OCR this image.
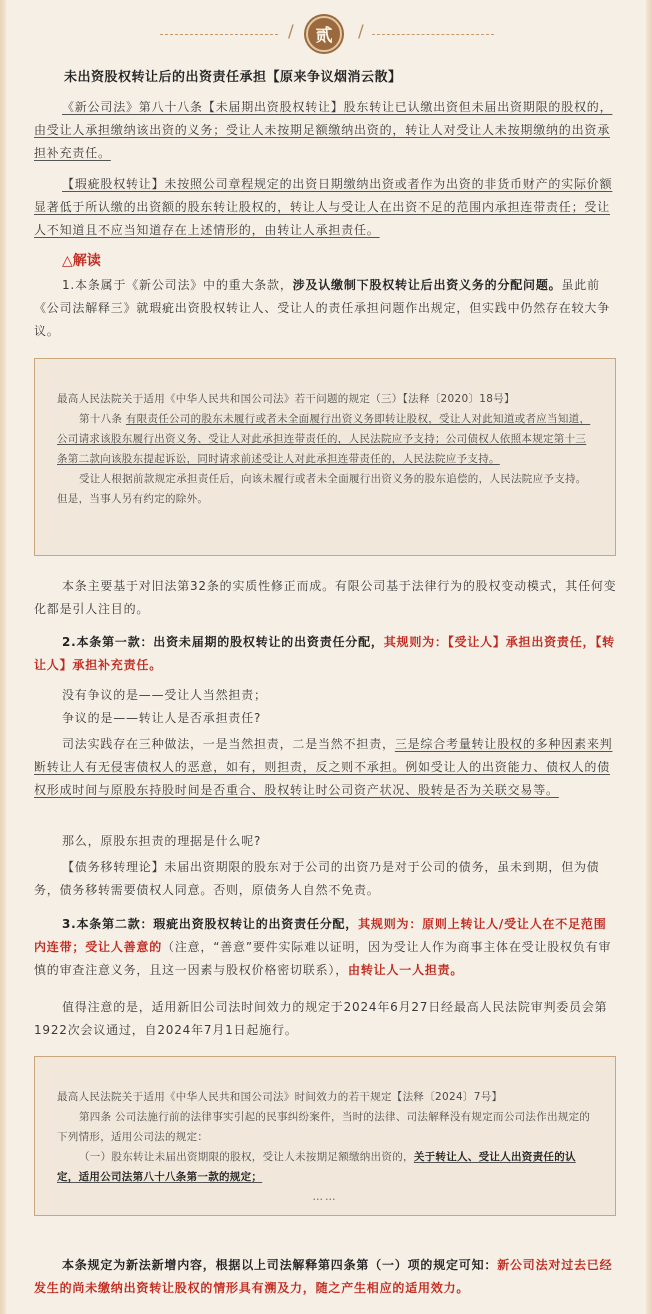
/	贰	/
未出资股权转让后的出资责任承担【原来争议烟消云散】

《新公司法》第八十八条【未届期出资股权转让】股东转让已认缴出资但未届出资期限的股权的，由受让人承担缴纳该出资的义务；受让人未按期足额缴纳出资的，转让人对受让人未按期缴纳的出资承担补充责任。

【瑕疵股权转让】未按照公司章程规定的出资日期缴纳出资或者作为出资的非货币财产的实际价额显著低于所认缴的出资额的股东转让股权的，转让人与受让人在出资不足的范围内承担连带责任；受让人不知道且不应当知道存在上述情形的，由转让人承担责任。

△解读

1.本条属于《新公司法》中的重大条款，涉及认缴制下股权转让后出资义务的分配问题。虽此前《公司法解释三》就瑕疵出资股权转让人、受让人的责任承担问题作出规定，但实践中仍然存在较大争议。

最高人民法院关于适用《中华人民共和国公司法》若干问题的规定（三）【法释〔2020〕18号】

第十八条 有限责任公司的股东未履行或者未全面履行出资义务即转让股权，受让人对此知道或者应当知道，公司请求该股东履行出资义务、受让人对此承担连带责任的，人民法院应予支持；公司债权人依照本规定第十三条第二款向该股东提起诉讼，同时请求前述受让人对此承担连带责任的，人民法院应予支持。

受让人根据前款规定承担责任后，向该未履行或者未全面履行出资义务的股东追偿的，人民法院应予支持。但是，当事人另有约定的除外。

本条主要基于对旧法第32条的实质性修正而成。有限公司基于法律行为的股权变动模式，其任何变化都是引人注目的。

2.本条第一款：出资未届期的股权转让的出资责任分配，其规则为：【受让人】承担出资责任，【转让人】承担补充责任。

没有争议的是——受让人当然担责；

争议的是——转让人是否承担责任?

司法实践存在三种做法，一是当然担责，二是当然不担责，三是综合考量转让股权的多种因素来判断转让人有无侵害债权人的恶意，如有，则担责，反之则不承担。例如受让人的出资能力、债权人的债权形成时间与原股东持股时间是否重合、股权转让时公司资产状况、股转是否为关联交易等。

那么，原股东担责的理据是什么呢?

【债务移转理论】未届出资期限的股东对于公司的出资乃是对于公司的债务，虽未到期，但为债务，债务移转需要债权人同意。否则，原债务人自然不免责。

3.本条第二款：瑕疵出资股权转让的出资责任分配，其规则为：原则上转让人/受让人在不足范围内连带；受让人善意的（注意，“善意”要件实际难以证明，因为受让人作为商事主体在受让股权负有审慎的审查注意义务，且这一因素与股权价格密切联系），由转让人一人担责。

值得注意的是，适用新旧公司法时间效力的规定于2024年6月27日经最高人民法院审判委员会第1922次会议通过，自2024年7月1日起施行。

最高人民法院关于适用《中华人民共和国公司法》时间效力的若干规定【法释〔2024〕7号】

第四条 公司法施行前的法律事实引起的民事纠纷案件，当时的法律、司法解释没有规定而公司法作出规定的下列情形，适用公司法的规定：

（一）股东转让未届出资期限的股权，受让人未按期足额缴纳出资的，关于转让人、受让人出资责任的认定，适用公司法第八十八条第一款的规定；

……

本条规定为新法新增内容，根据以上司法解释第四条第（一）项的规定可知：新公司法对过去已经发生的尚未缴纳出资转让股权的情形具有溯及力，随之产生相应的适用效力。
